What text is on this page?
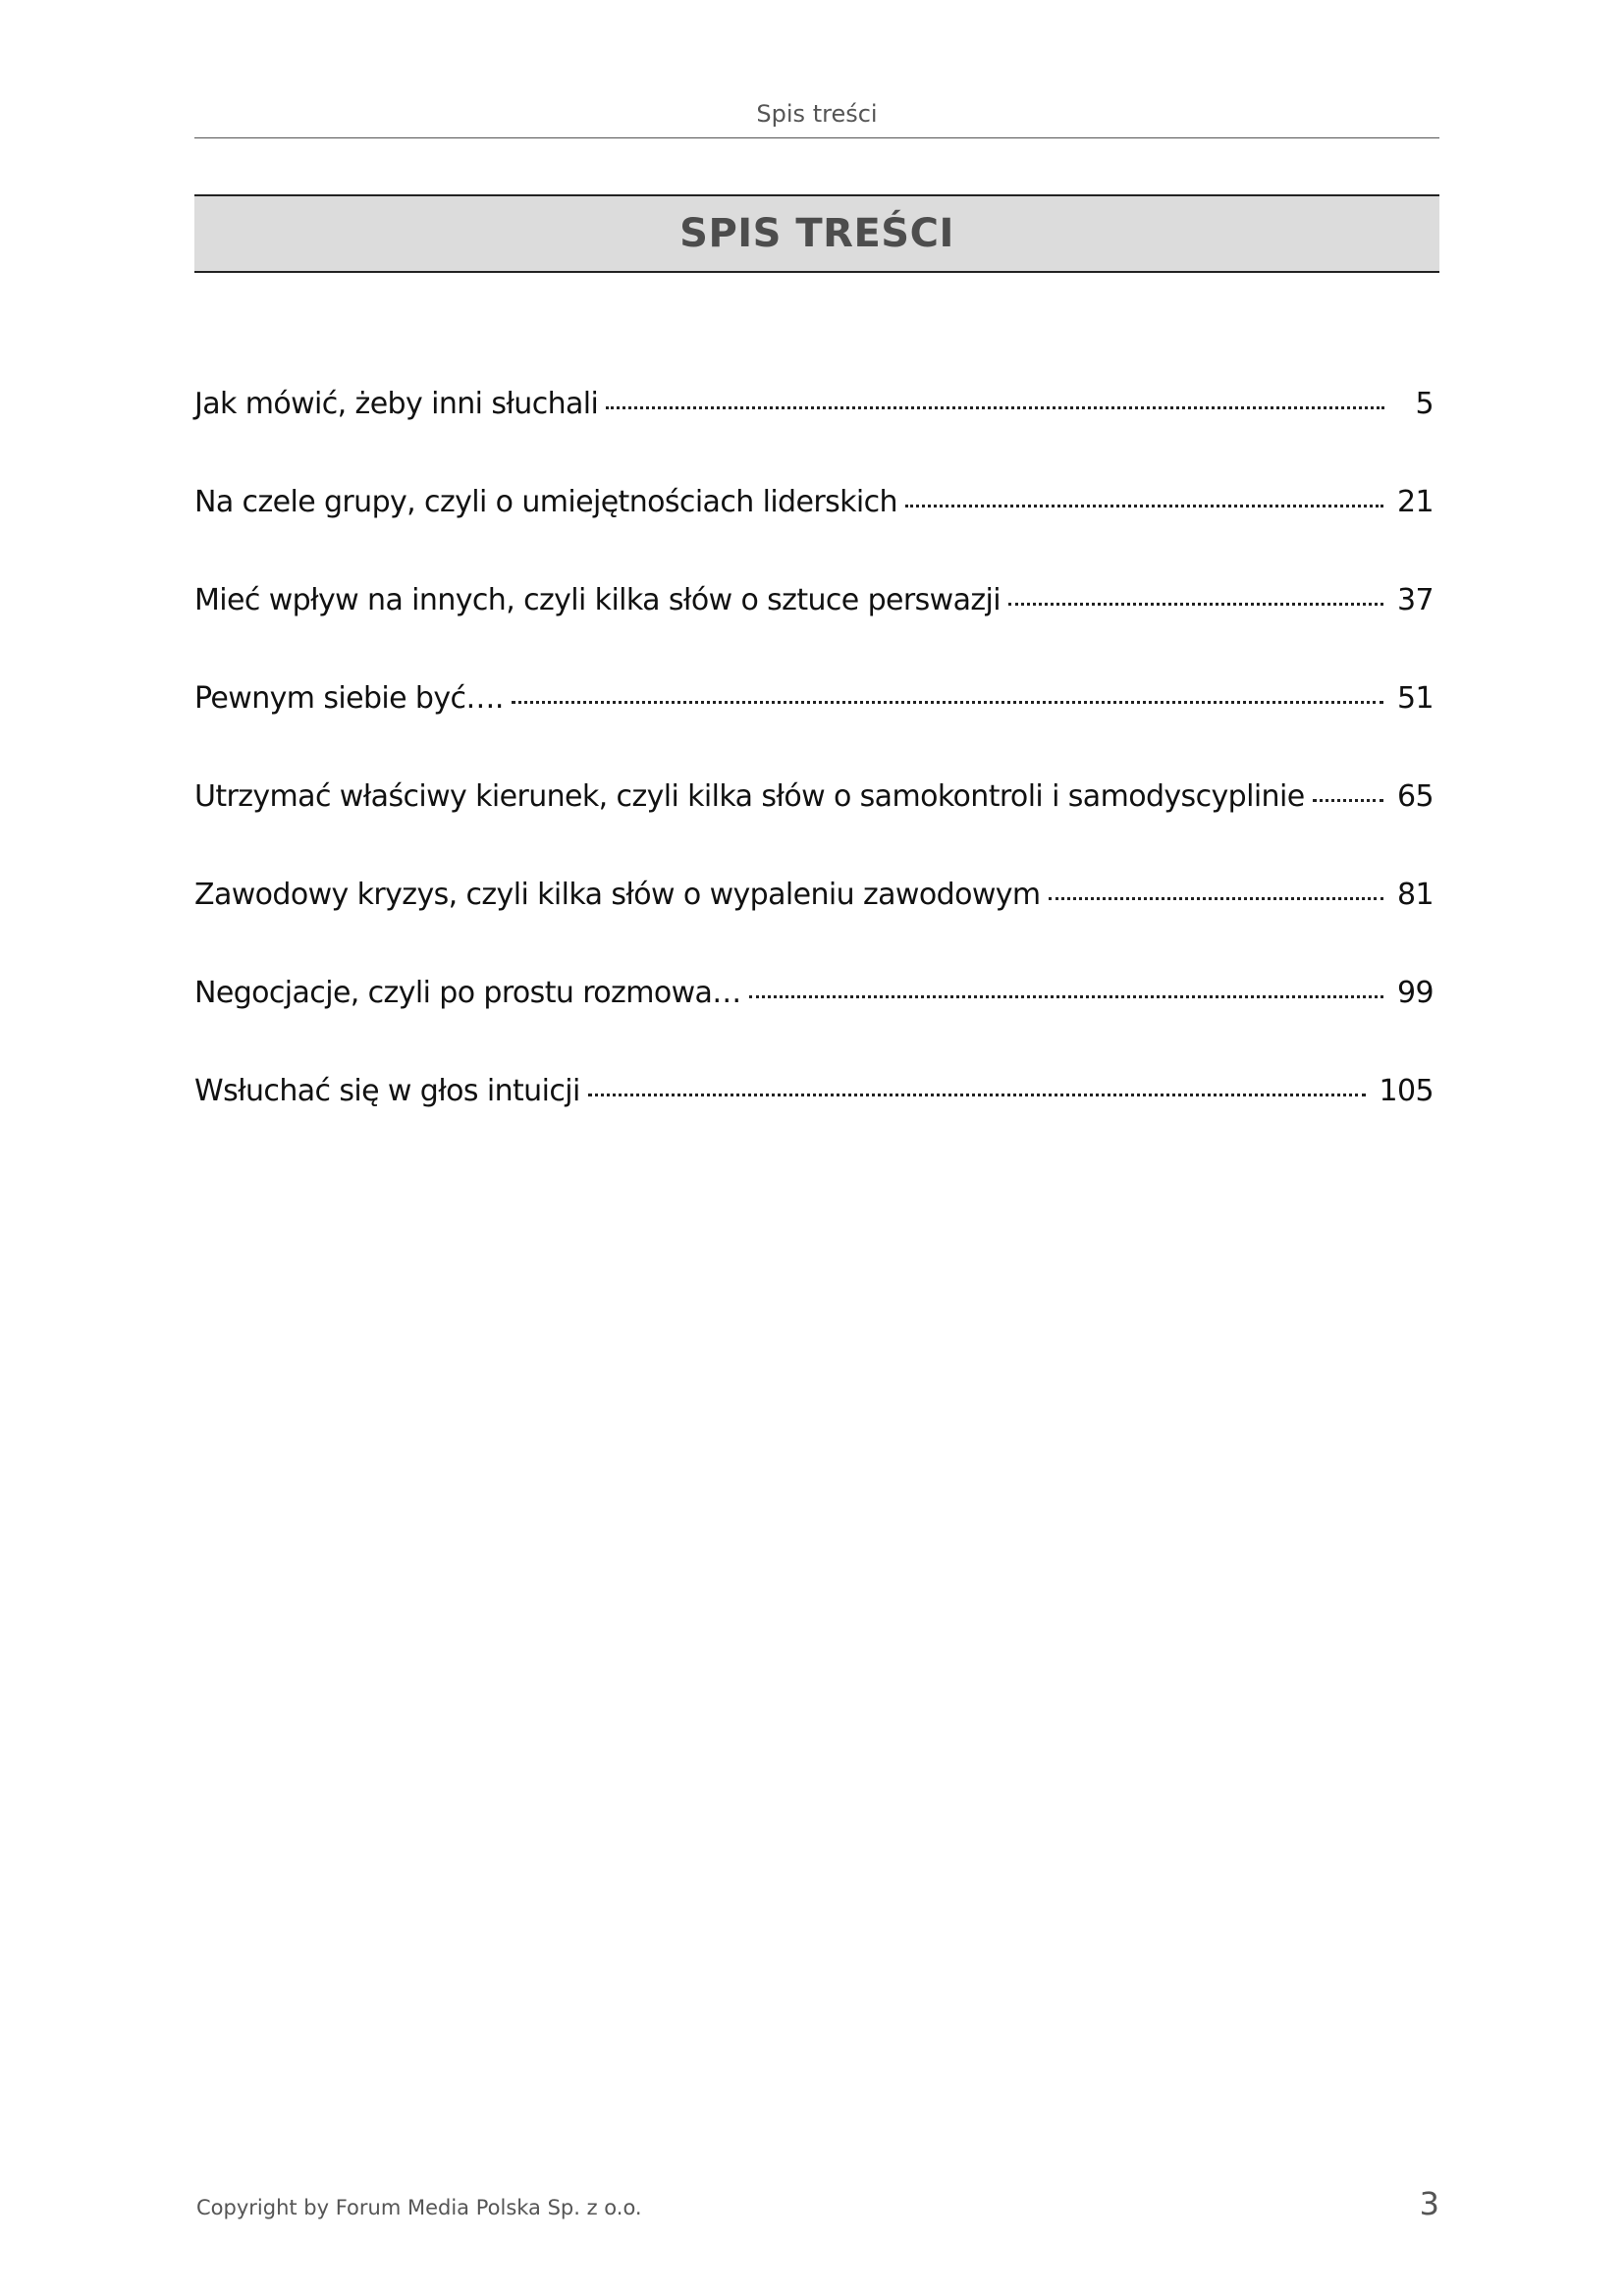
Spis treści
SPIS TREŚCI
Jak mówić, żeby inni słuchali	5
Na czele grupy, czyli o umiejętnościach liderskich	21
Mieć wpływ na innych, czyli kilka słów o sztuce perswazji	37
Pewnym siebie być….	51
Utrzymać właściwy kierunek, czyli kilka słów o samokontroli i samodyscyplinie	65
Zawodowy kryzys, czyli kilka słów o wypaleniu zawodowym	81
Negocjacje, czyli po prostu rozmowa…	99
Wsłuchać się w głos intuicji	105
Copyright by Forum Media Polska Sp. z o.o.	3
